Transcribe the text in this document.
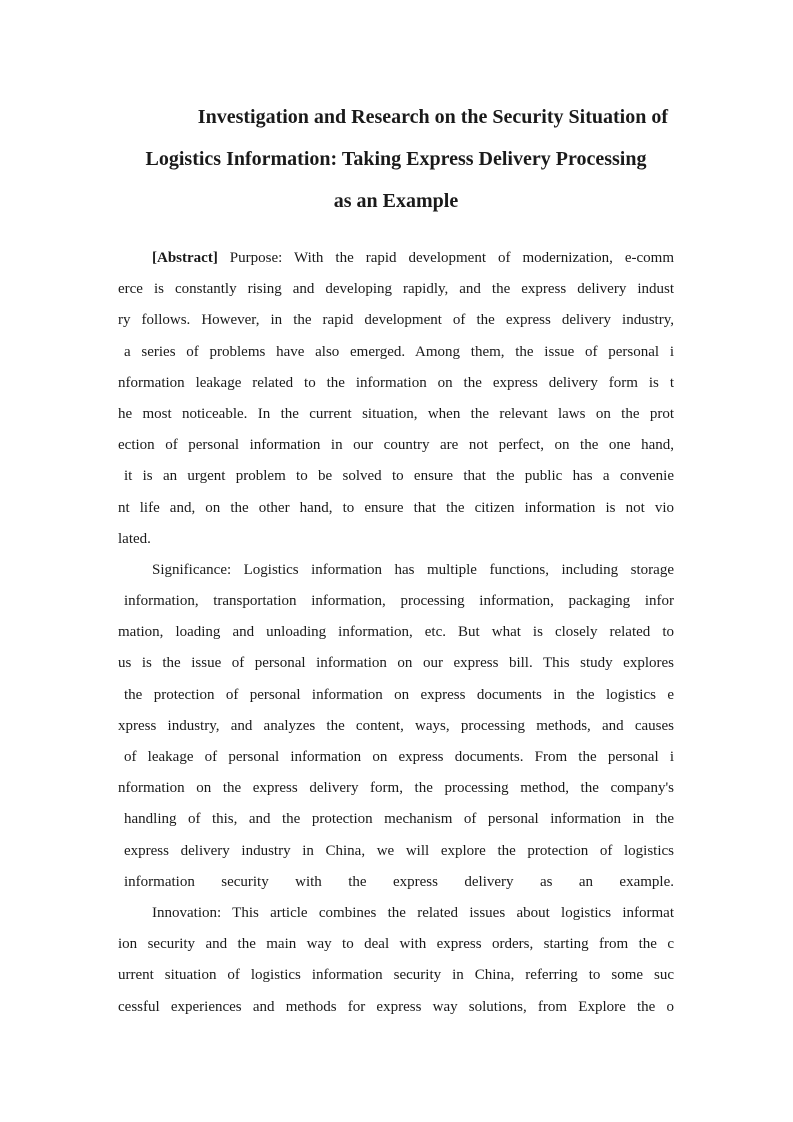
Investigation and Research on the Security Situation of
Logistics Information: Taking Express Delivery Processing
as an Example
[Abstract] Purpose: With the rapid development of modernization, e-comm
erce is constantly rising and developing rapidly, and the express delivery indust
ry follows. However, in the rapid development of the express delivery industry,
a series of problems have also emerged. Among them, the issue of personal i
nformation leakage related to the information on the express delivery form is t
he most noticeable. In the current situation, when the relevant laws on the prot
ection of personal information in our country are not perfect, on the one hand,
it is an urgent problem to be solved to ensure that the public has a convenie
nt life and, on the other hand, to ensure that the citizen information is not vio
lated.
Significance: Logistics information has multiple functions, including storage
information, transportation information, processing information, packaging infor
mation, loading and unloading information, etc. But what is closely related to
us is the issue of personal information on our express bill. This study explores
the protection of personal information on express documents in the logistics e
xpress industry, and analyzes the content, ways, processing methods, and causes
of leakage of personal information on express documents. From the personal i
nformation on the express delivery form, the processing method, the company's
handling of this, and the protection mechanism of personal information in the
express delivery industry in China, we will explore the protection of logistics
information security with the express delivery as an example.
Innovation: This article combines the related issues about logistics informat
ion security and the main way to deal with express orders, starting from the c
urrent situation of logistics information security in China, referring to some suc
cessful experiences and methods for express way solutions, from Explore the o
